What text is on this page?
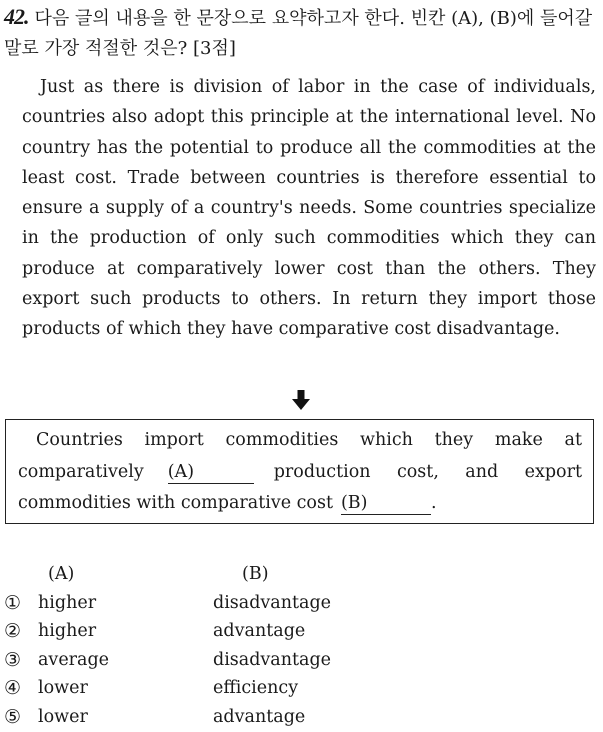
42. 다음 글의 내용을 한 문장으로 요약하고자 한다. 빈칸 (A), (B)에 들어갈 말로 가장 적절한 것은? [3점]

Just as there is division of labor in the case of individuals, countries also adopt this principle at the international level. No country has the potential to produce all the commodities at the least cost. Trade between countries is therefore essential to ensure a supply of a country's needs. Some countries specialize in the production of only such commodities which they can produce at comparatively lower cost than the others. They export such products to others. In return they import those products of which they have comparative cost disadvantage.

Countries import commodities which they make at comparatively (A)	production cost, and export commodities with comparative cost (B)	.

(A)	(B)
① higher	disadvantage
② higher	advantage
③ average	disadvantage
④ lower	efficiency
⑤ lower	advantage
